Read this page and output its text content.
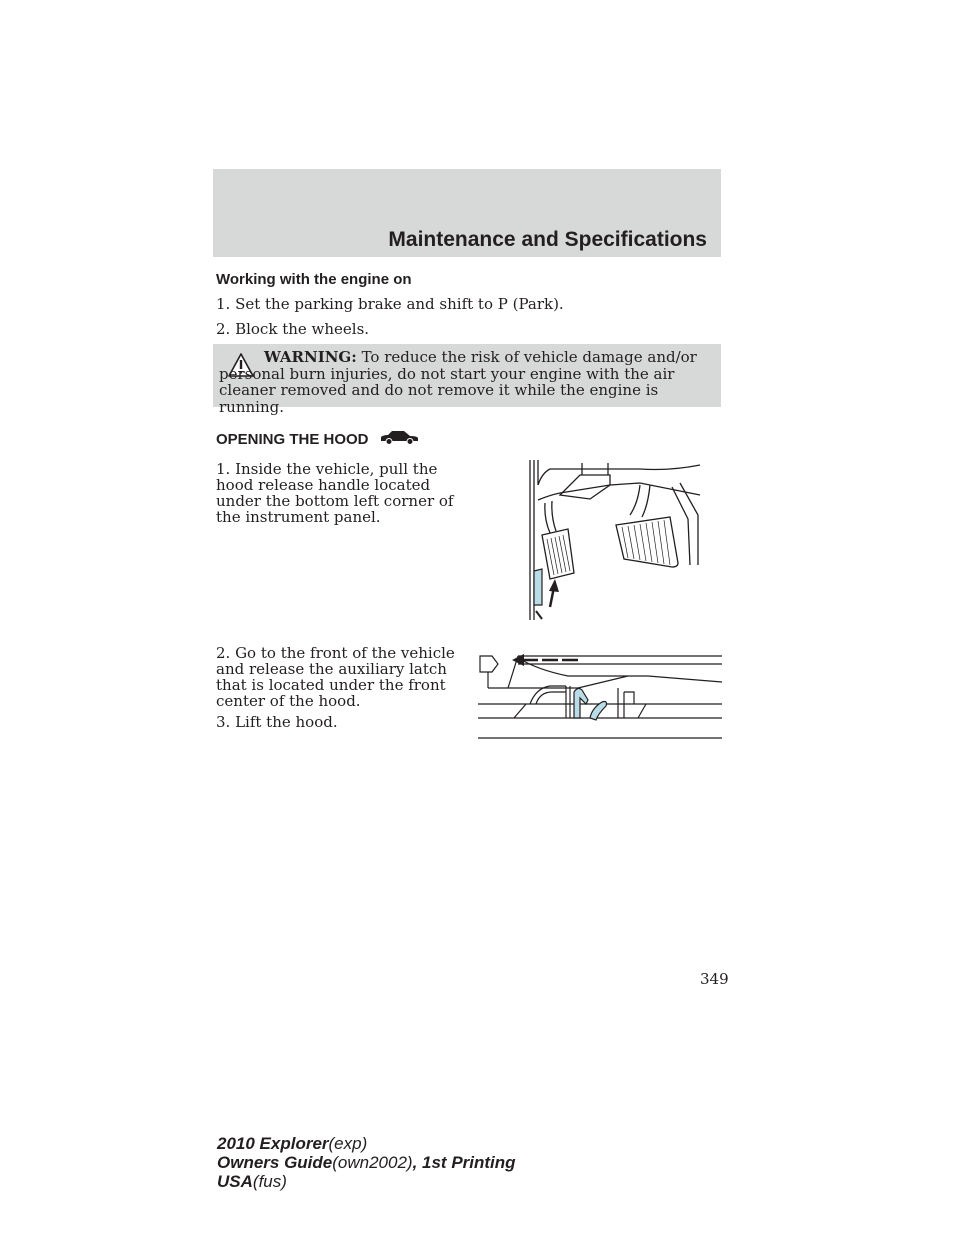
Maintenance and Specifications

Working with the engine on

1. Set the parking brake and shift to P (Park).

2. Block the wheels.

WARNING: To reduce the risk of vehicle damage and/or personal burn injuries, do not start your engine with the air cleaner removed and do not remove it while the engine is running.
OPENING THE HOOD
1. Inside the vehicle, pull the hood release handle located under the bottom left corner of the instrument panel.
2. Go to the front of the vehicle and release the auxiliary latch that is located under the front center of the hood.
3. Lift the hood.
349
2010 Explorer(exp)
Owners Guide(own2002), 1st Printing
USA(fus)
